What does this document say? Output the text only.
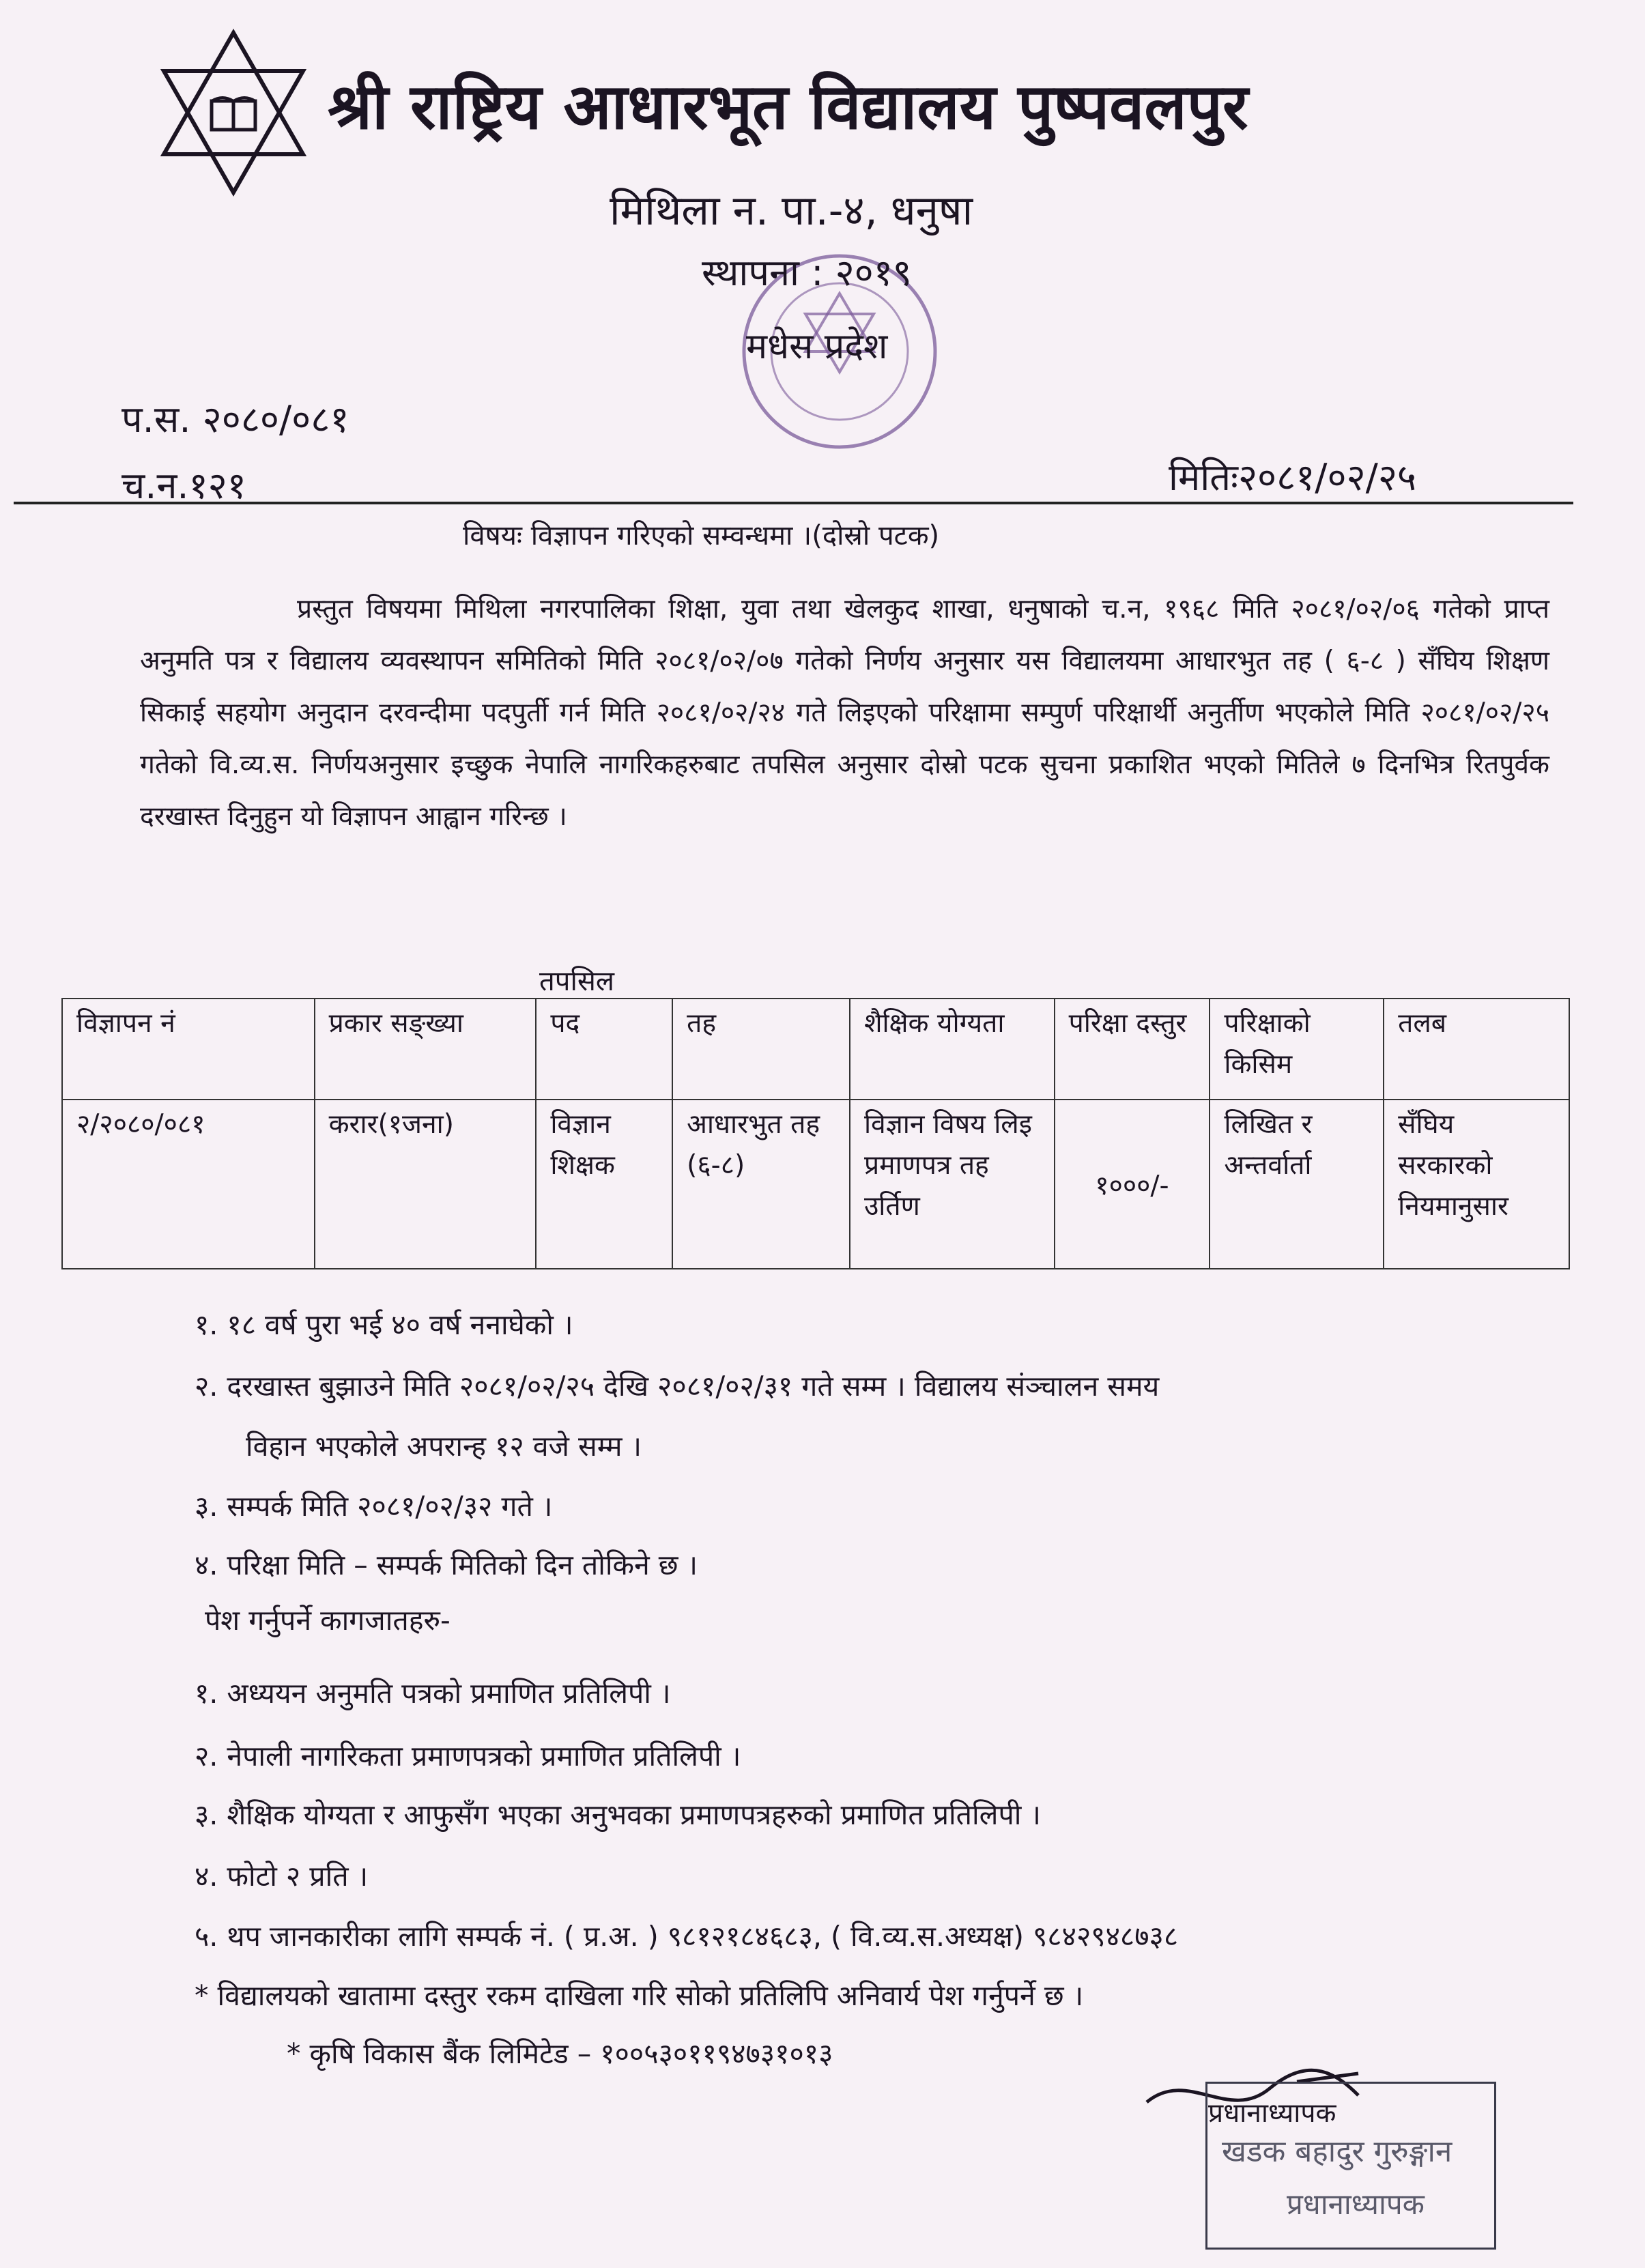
श्री राष्ट्रिय आधारभूत विद्यालय पुष्पवलपुर
मिथिला न. पा.-४, धनुषा
स्थापना : २०१९
मधेस प्रदेश
प.स. २०८०/०८१
च.न.१२१	मितिः२०८१/०२/२५
विषयः विज्ञापन गरिएको सम्वन्धमा ।(दोस्रो पटक)
प्रस्तुत विषयमा मिथिला नगरपालिका शिक्षा, युवा तथा खेलकुद शाखा, धनुषाको च.न, १९६८ मिति २०८१/०२/०६ गतेको प्राप्त अनुमति पत्र र विद्यालय व्यवस्थापन समितिको मिति २०८१/०२/०७ गतेको निर्णय अनुसार यस विद्यालयमा आधारभुत तह ( ६-८ ) सँघिय शिक्षण सिकाई सहयोग अनुदान दरवन्दीमा पदपुर्ती गर्न मिति २०८१/०२/२४ गते लिइएको परिक्षामा सम्पुर्ण परिक्षार्थी अनुर्तीण भएकोले मिति २०८१/०२/२५ गतेको वि.व्य.स. निर्णयअनुसार इच्छुक नेपालि नागरिकहरुबाट तपसिल अनुसार दोस्रो पटक सुचना प्रकाशित भएको मितिले ७ दिनभित्र रितपुर्वक दरखास्त दिनुहुन यो विज्ञापन आह्वान गरिन्छ ।
तपसिल
विज्ञापन नं	प्रकार सङ्ख्या	पद	तह	शैक्षिक योग्यता	परिक्षा दस्तुर	परिक्षाको किसिम	तलब
२/२०८०/०८१	करार(१जना)	विज्ञान शिक्षक	आधारभुत तह (६-८)	विज्ञान विषय लिइ प्रमाणपत्र तह उर्तिण	१०००/-	लिखित र अन्तर्वार्ता	सँघिय सरकारको नियमानुसार
१. १८ वर्ष पुरा भई ४० वर्ष ननाघेको ।
२. दरखास्त बुझाउने मिति २०८१/०२/२५ देखि २०८१/०२/३१ गते सम्म । विद्यालय संञ्चालन समय
विहान भएकोले अपरान्ह १२ वजे सम्म ।
३. सम्पर्क मिति २०८१/०२/३२ गते ।
४. परिक्षा मिति – सम्पर्क मितिको दिन तोकिने छ ।
पेश गर्नुपर्ने कागजातहरु-
१. अध्ययन अनुमति पत्रको प्रमाणित प्रतिलिपी ।
२. नेपाली नागरिकता प्रमाणपत्रको प्रमाणित प्रतिलिपी ।
३. शैक्षिक योग्यता र आफुसँग भएका अनुभवका प्रमाणपत्रहरुको प्रमाणित प्रतिलिपी ।
४. फोटो २ प्रति ।
५. थप जानकारीका लागि सम्पर्क नं. ( प्र.अ. ) ९८१२१८४६८३, ( वि.व्य.स.अध्यक्ष) ९८४२९४८७३८
* विद्यालयको खातामा दस्तुर रकम दाखिला गरि सोको प्रतिलिपि अनिवार्य पेश गर्नुपर्ने छ ।
* कृषि विकास बैंक लिमिटेड – १००५३०११९४७३१०१३
प्रधानाध्यापक
खडक बहादुर गुरुङ्गान
प्रधानाध्यापक
